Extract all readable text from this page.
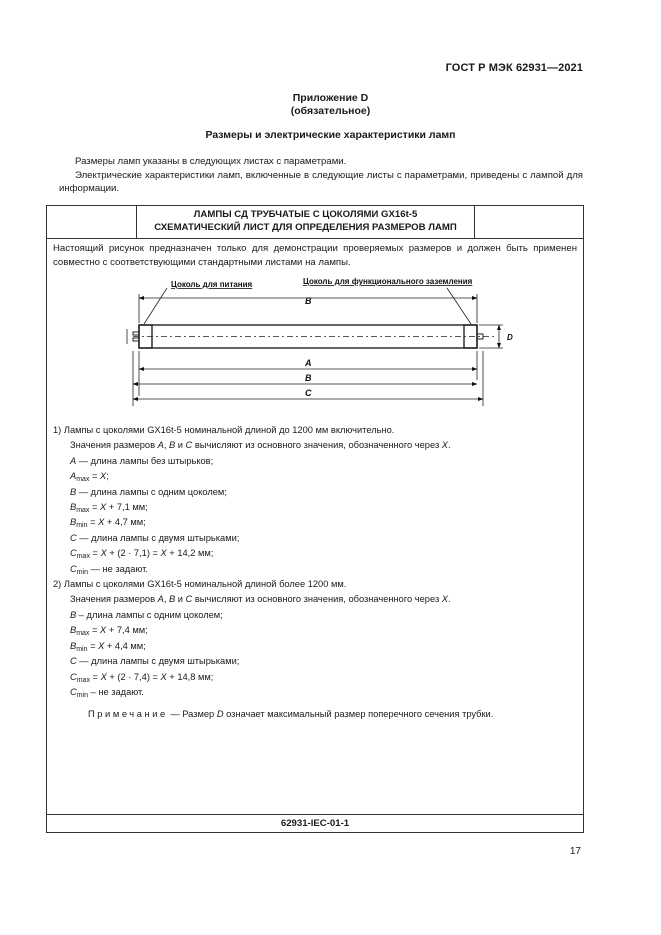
ГОСТ Р МЭК 62931—2021
Приложение D
(обязательное)
Размеры и электрические характеристики ламп

Размеры ламп указаны в следующих листах с параметрами.

Электрические характеристики ламп, включенные в следующие листы с параметрами, приведены с лампой для информации.

ЛАМПЫ СД ТРУБЧАТЫЕ С ЦОКОЛЯМИ GX16t-5
СХЕМАТИЧЕСКИЙ ЛИСТ ДЛЯ ОПРЕДЕЛЕНИЯ РАЗМЕРОВ ЛАМП
Настоящий рисунок предназначен только для демонстрации проверяемых размеров и должен быть применен совместно с соответствующими стандартными листами на лампы.
Цоколь для питания	Цоколь для функционального заземления
B
A
B
C
D
1) Лампы с цоколями GX16t-5 номинальной длиной до 1200 мм включительно.
Значения размеров A, B и C вычисляют из основного значения, обозначенного через X.
A — длина лампы без штырьков;
$A_{max} = X$;
B — длина лампы с одним цоколем;
$B_{max} = X + 7,1$ мм;
$B_{min} = X + 4,7$ мм;
C — длина лампы с двумя штырьками;
$C_{max} = X + (2 \cdot 7,1) = X + 14,2$ мм;
$C_{min}$ — не задают.
2) Лампы с цоколями GX16t-5 номинальной длиной более 1200 мм.
Значения размеров A, B и C вычисляют из основного значения, обозначенного через X.
B – длина лампы с одним цоколем;
$B_{max} = X + 7,4$ мм;
$B_{min} = X + 4,4$ мм;
C — длина лампы с двумя штырьками;
$C_{max} = X + (2 \cdot 7,4) = X + 14,8$ мм;
$C_{min}$ – не задают.
Примечание — Размер D означает максимальный размер поперечного сечения трубки.
62931-IEC-01-1
17
